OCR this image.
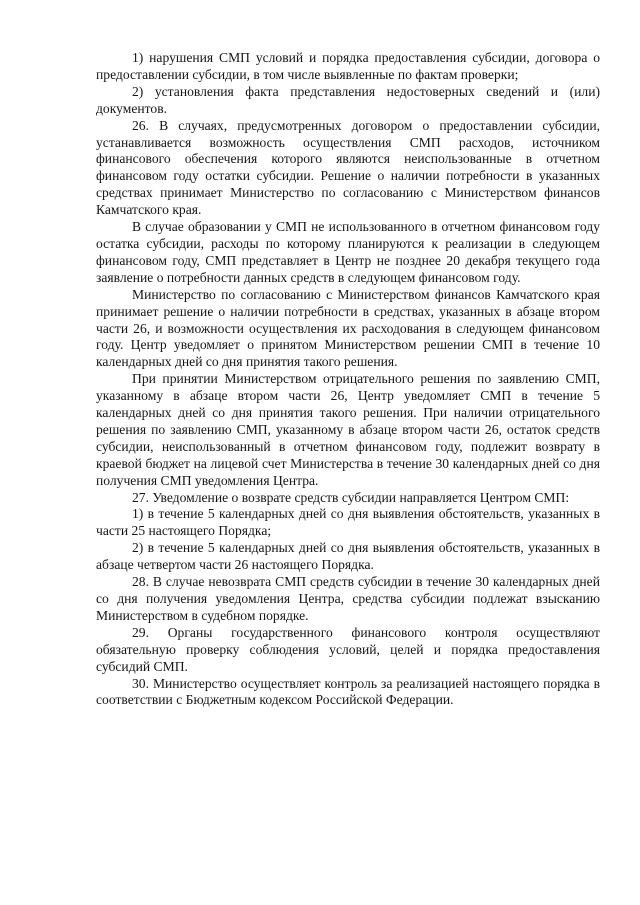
1) нарушения СМП условий и порядка предоставления субсидии, договора о предоставлении субсидии, в том числе выявленные по фактам проверки;

2) установления факта представления недостоверных сведений и (или) документов.

26. В случаях, предусмотренных договором о предоставлении субсидии, устанавливается возможность осуществления СМП расходов, источником финансового обеспечения которого являются неиспользованные в отчетном финансовом году остатки субсидии. Решение о наличии потребности в указанных средствах принимает Министерство по согласованию с Министерством финансов Камчатского края.

В случае образовании у СМП не использованного в отчетном финансовом году остатка субсидии, расходы по которому планируются к реализации в следующем финансовом году, СМП представляет в Центр не позднее 20 декабря текущего года заявление о потребности данных средств в следующем финансовом году.

Министерство по согласованию с Министерством финансов Камчатского края принимает решение о наличии потребности в средствах, указанных в абзаце втором части 26, и возможности осуществления их расходования в следующем финансовом году. Центр уведомляет о принятом Министерством решении СМП в течение 10 календарных дней со дня принятия такого решения.

При принятии Министерством отрицательного решения по заявлению СМП, указанному в абзаце втором части 26, Центр уведомляет СМП в течение 5 календарных дней со дня принятия такого решения. При наличии отрицательного решения по заявлению СМП, указанному в абзаце втором части 26, остаток средств субсидии, неиспользованный в отчетном финансовом году, подлежит возврату в краевой бюджет на лицевой счет Министерства в течение 30 календарных дней со дня получения СМП уведомления Центра.

27. Уведомление о возврате средств субсидии направляется Центром СМП:

1) в течение 5 календарных дней со дня выявления обстоятельств, указанных в части 25 настоящего Порядка;

2) в течение 5 календарных дней со дня выявления обстоятельств, указанных в абзаце четвертом части 26 настоящего Порядка.

28. В случае невозврата СМП средств субсидии в течение 30 календарных дней со дня получения уведомления Центра, средства субсидии подлежат взысканию Министерством в судебном порядке.

29. Органы государственного финансового контроля осуществляют обязательную проверку соблюдения условий, целей и порядка предоставления субсидий СМП.

30. Министерство осуществляет контроль за реализацией настоящего порядка в соответствии с Бюджетным кодексом Российской Федерации.
